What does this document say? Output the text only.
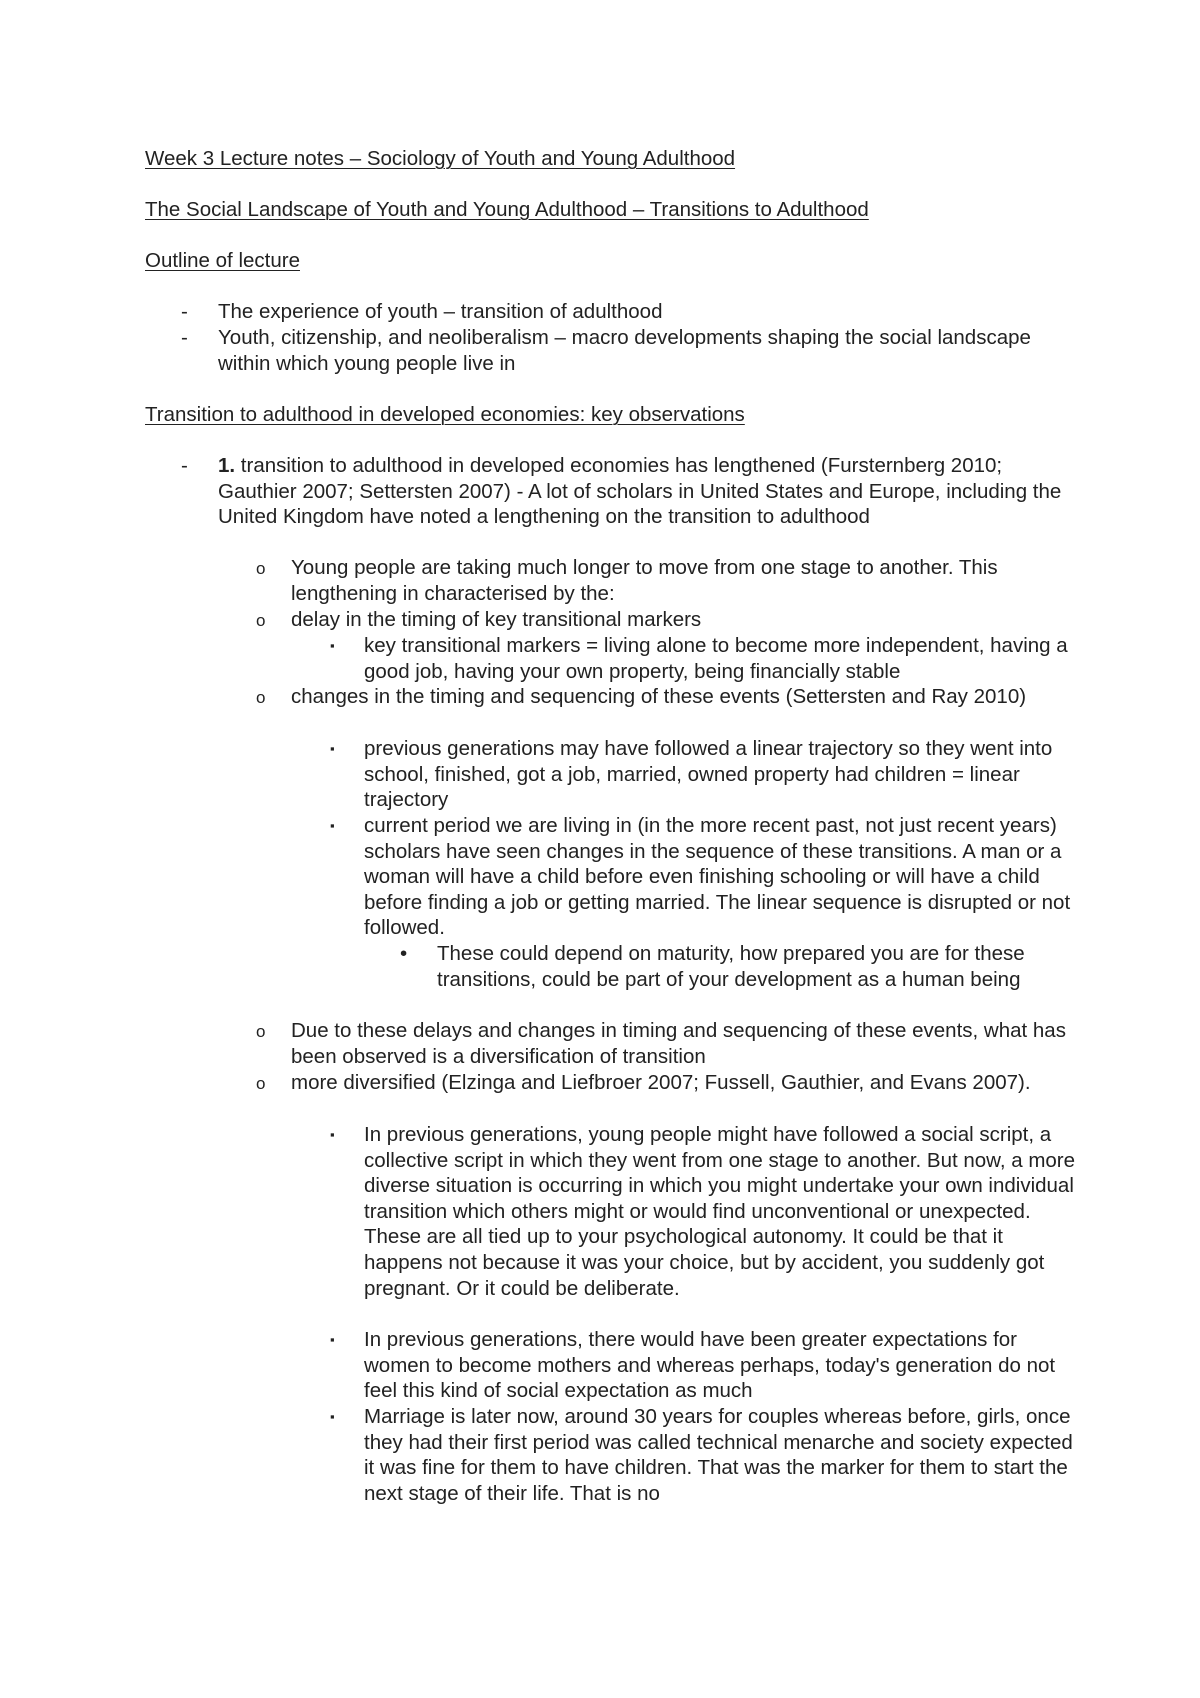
Week 3 Lecture notes – Sociology of Youth and Young Adulthood
The Social Landscape of Youth and Young Adulthood – Transitions to Adulthood
Outline of lecture
- The experience of youth – transition of adulthood
- Youth, citizenship, and neoliberalism – macro developments shaping the social landscape within which young people live in
Transition to adulthood in developed economies: key observations
- 1. transition to adulthood in developed economies has lengthened (Fursternberg 2010; Gauthier 2007; Settersten 2007) - A lot of scholars in United States and Europe, including the United Kingdom have noted a lengthening on the transition to adulthood
o Young people are taking much longer to move from one stage to another. This lengthening in characterised by the:
o delay in the timing of key transitional markers
▪ key transitional markers = living alone to become more independent, having a good job, having your own property, being financially stable
o changes in the timing and sequencing of these events (Settersten and Ray 2010)
▪ previous generations may have followed a linear trajectory so they went into school, finished, got a job, married, owned property had children = linear trajectory
▪ current period we are living in (in the more recent past, not just recent years) scholars have seen changes in the sequence of these transitions. A man or a woman will have a child before even finishing schooling or will have a child before finding a job or getting married. The linear sequence is disrupted or not followed.
• These could depend on maturity, how prepared you are for these transitions, could be part of your development as a human being
o Due to these delays and changes in timing and sequencing of these events, what has been observed is a diversification of transition
o more diversified (Elzinga and Liefbroer 2007; Fussell, Gauthier, and Evans 2007).
▪ In previous generations, young people might have followed a social script, a collective script in which they went from one stage to another. But now, a more diverse situation is occurring in which you might undertake your own individual transition which others might or would find unconventional or unexpected. These are all tied up to your psychological autonomy. It could be that it happens not because it was your choice, but by accident, you suddenly got pregnant. Or it could be deliberate.
▪ In previous generations, there would have been greater expectations for women to become mothers and whereas perhaps, today's generation do not feel this kind of social expectation as much
▪ Marriage is later now, around 30 years for couples whereas before, girls, once they had their first period was called technical menarche and society expected it was fine for them to have children. That was the marker for them to start the next stage of their life. That is no
